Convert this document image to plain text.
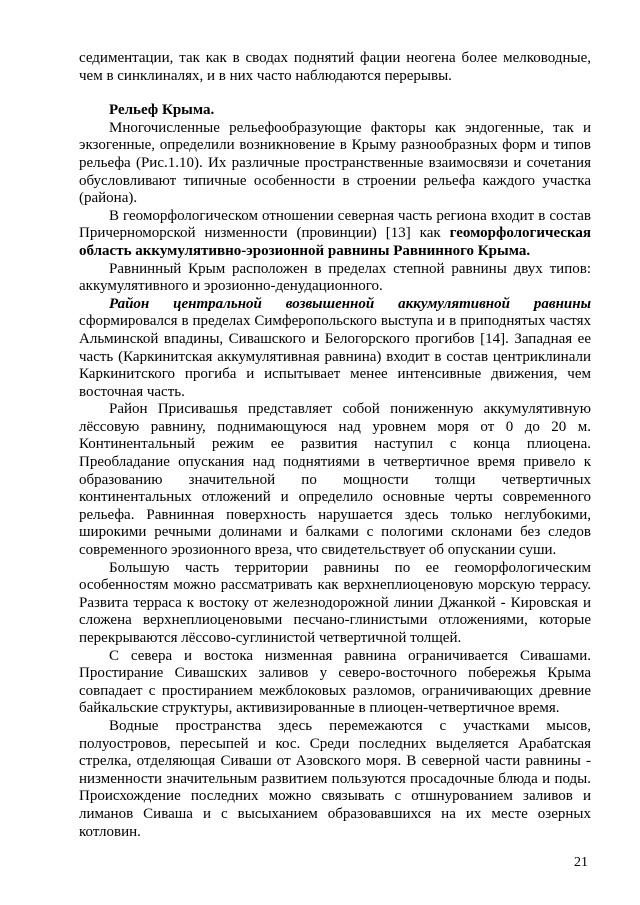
седиментации, так как в сводах поднятий фации неогена более мелководные, чем в синклиналях, и в них часто наблюдаются перерывы.

Рельеф Крыма.

Многочисленные рельефообразующие факторы как эндогенные, так и экзогенные, определили возникновение в Крыму разнообразных форм и типов рельефа (Рис.1.10). Их различные пространственные взаимосвязи и сочетания обусловливают типичные особенности в строении рельефа каждого участка (района).

В геоморфологическом отношении северная часть региона входит в состав Причерноморской низменности (провинции) [13] как геоморфологическая область аккумулятивно-эрозионной равнины Равнинного Крыма.

Равнинный Крым расположен в пределах степной равнины двух типов: аккумулятивного и эрозионно-денудационного.

Район центральной возвышенной аккумулятивной равнины сформировался в пределах Симферопольского выступа и в приподнятых частях Альминской впадины, Сивашского и Белогорского прогибов [14]. Западная ее часть (Каркинитская аккумулятивная равнина) входит в состав центриклинали Каркинитского прогиба и испытывает менее интенсивные движения, чем восточная часть.

Район Присивашья представляет собой пониженную аккумулятивную лёссовую равнину, поднимающуюся над уровнем моря от 0 до 20 м. Континентальный режим ее развития наступил с конца плиоцена. Преобладание опускания над поднятиями в четвертичное время привело к образованию значительной по мощности толщи четвертичных континентальных отложений и определило основные черты современного рельефа. Равнинная поверхность нарушается здесь только неглубокими, широкими речными долинами и балками с пологими склонами без следов современного эрозионного вреза, что свидетельствует об опускании суши.

Большую часть территории равнины по ее геоморфологическим особенностям можно рассматривать как верхнеплиоценовую морскую террасу. Развита терраса к востоку от железнодорожной линии Джанкой - Кировская и сложена верхнеплиоценовыми песчано-глинистыми отложениями, которые перекрываются лёссово-суглинистой четвертичной толщей.

С севера и востока низменная равнина ограничивается Сивашами. Простирание Сивашских заливов у северо-восточного побережья Крыма совпадает с простиранием межблоковых разломов, ограничивающих древние байкальские структуры, активизированные в плиоцен-четвертичное время.

Водные пространства здесь перемежаются с участками мысов, полуостровов, пересыпей и кос. Среди последних выделяется Арабатская стрелка, отделяющая Сиваши от Азовского моря. В северной части равнины - низменности значительным развитием пользуются просадочные блюда и поды. Происхождение последних можно связывать с отшнурованием заливов и лиманов Сиваша и с высыханием образовавшихся на их месте озерных котловин.

21
